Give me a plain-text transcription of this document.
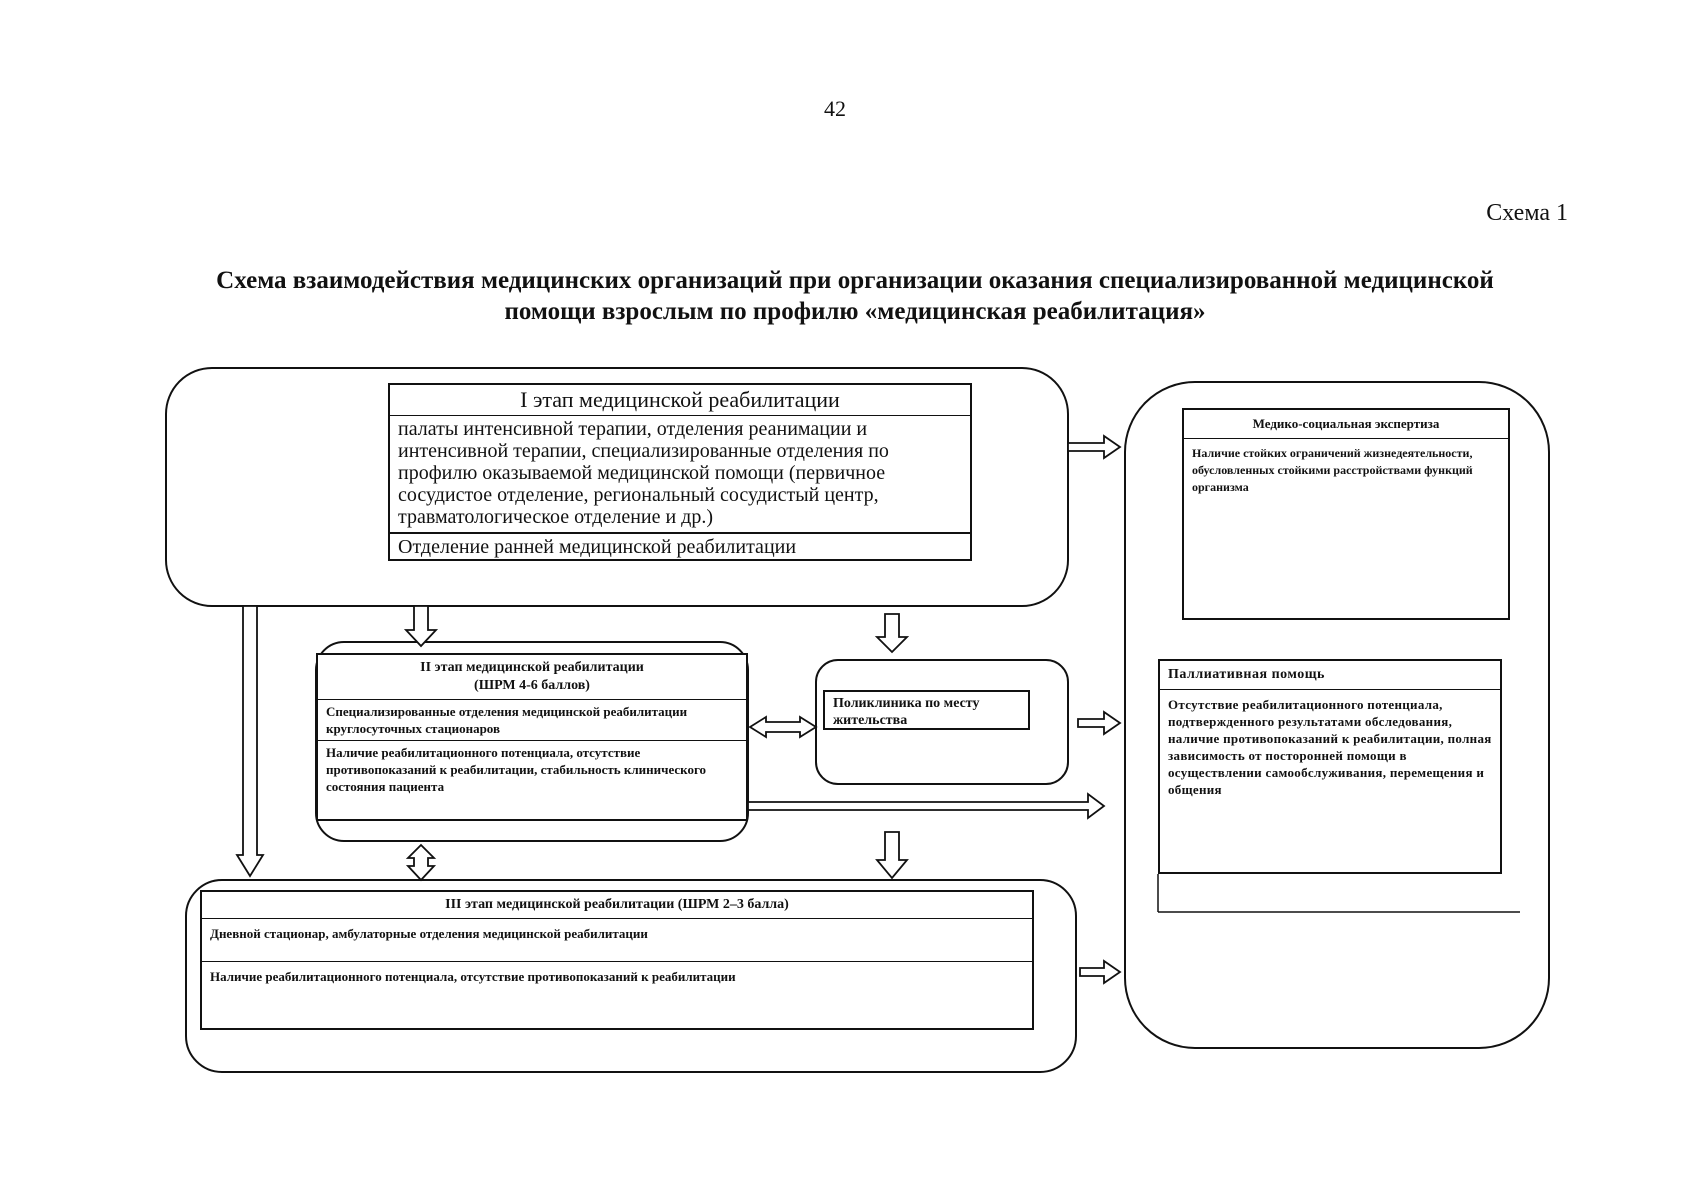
42
Схема 1
Схема взаимодействия медицинских организаций при организации оказания специализированной медицинской
помощи взрослым по профилю «медицинская реабилитация»
I этап медицинской реабилитации
палаты интенсивной терапии, отделения реанимации и интенсивной терапии, специализированные отделения по профилю оказываемой медицинской помощи (первичное сосудистое отделение, региональный сосудистый центр, травматологическое отделение и др.)
Отделение ранней медицинской реабилитации
II этап медицинской реабилитации
(ШРМ 4-6 баллов)
Специализированные отделения медицинской реабилитации круглосуточных стационаров
Наличие реабилитационного потенциала, отсутствие противопоказаний к реабилитации, стабильность клинического состояния пациента
Поликлиника по месту жительства
III этап медицинской реабилитации (ШРМ 2–3 балла)
Дневной стационар, амбулаторные отделения медицинской реабилитации
Наличие реабилитационного потенциала, отсутствие противопоказаний к реабилитации
Медико-социальная экспертиза
Наличие стойких ограничений жизнедеятельности, обусловленных стойкими расстройствами функций организма
Паллиативная помощь
Отсутствие реабилитационного потенциала, подтвержденного результатами обследования, наличие противопоказаний к реабилитации, полная зависимость от посторонней помощи в осуществлении самообслуживания, перемещения и общения
